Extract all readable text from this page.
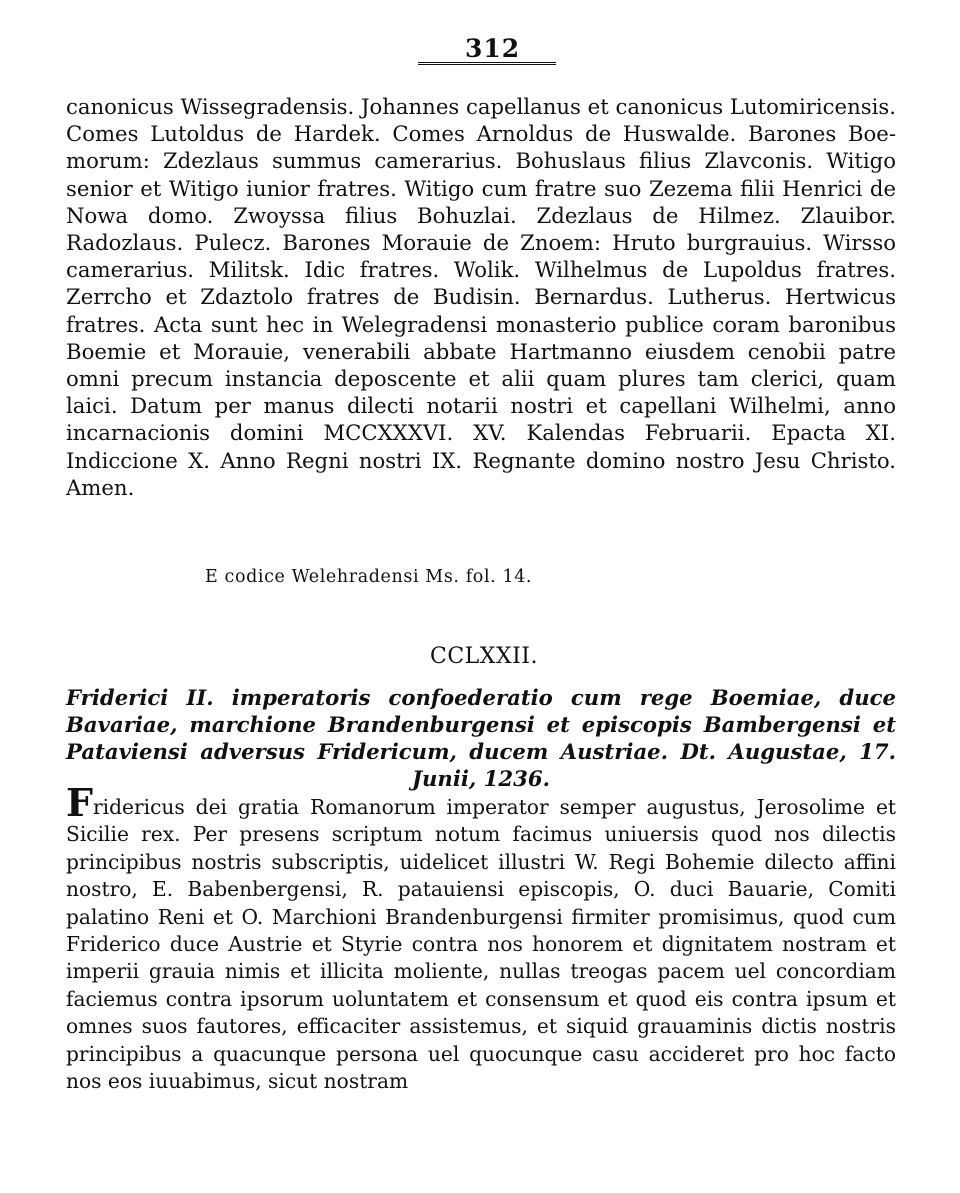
312

canonicus Wissegradensis. Johannes capellanus et canonicus Lutomiricensis. Comes Lutoldus de Hardek. Comes Arnoldus de Huswalde. Barones Boemorum: Zdezlaus summus camerarius. Bohuslaus filius Zlavconis. Witigo senior et Witigo iunior fratres. Witigo cum fratre suo Zezema filii Henrici de Nowa domo. Zwoyssa filius Bohuzlai. Zdezlaus de Hilmez. Zlauibor. Radozlaus. Pulecz. Barones Morauie de Znoem: Hruto burgrauius. Wirsso camerarius. Militsk. Idic fratres. Wolik. Wilhelmus de Lupoldus fratres. Zerrcho et Zdaztolo fratres de Budisin. Bernardus. Lutherus. Hertwicus fratres. Acta sunt hec in Welegradensi monasterio publice coram baronibus Boemie et Morauie, venerabili abbate Hartmanno eiusdem cenobii patre omni precum instancia deposcente et alii quam plures tam clerici, quam laici. Datum per manus dilecti notarii nostri et capellani Wilhelmi, anno incarnacionis domini MCCXXXVI. XV. Kalendas Februarii. Epacta XI. Indiccione X. Anno Regni nostri IX. Regnante domino nostro Jesu Christo. Amen.

E codice Welehradensi Ms. fol. 14.
CCLXXII.

Friderici II. imperatoris confoederatio cum rege Boemiae, duce Bavariae, marchione Brandenburgensi et episcopis Bambergensi et Pataviensi adversus Fridericum, ducem Austriae. Dt. Augustae, 17. Junii, 1236.

Fridericus dei gratia Romanorum imperator semper augustus, Jerosolime et Sicilie rex. Per presens scriptum notum facimus uniuersis quod nos dilectis principibus nostris subscriptis, uidelicet illustri W. Regi Bohemie dilecto affini nostro, E. Babenbergensi, R. patauiensi episcopis, O. duci Bauarie, Comiti palatino Reni et O. Marchioni Brandenburgensi firmiter promisimus, quod cum Friderico duce Austrie et Styrie contra nos honorem et dignitatem nostram et imperii grauia nimis et illicita moliente, nullas treogas pacem uel concordiam faciemus contra ipsorum uoluntatem et consensum et quod eis contra ipsum et omnes suos fautores, efficaciter assistemus, et siquid grauaminis dictis nostris principibus a quacunque persona uel quocunque casu accideret pro hoc facto nos eos iuuabimus, sicut nostram
